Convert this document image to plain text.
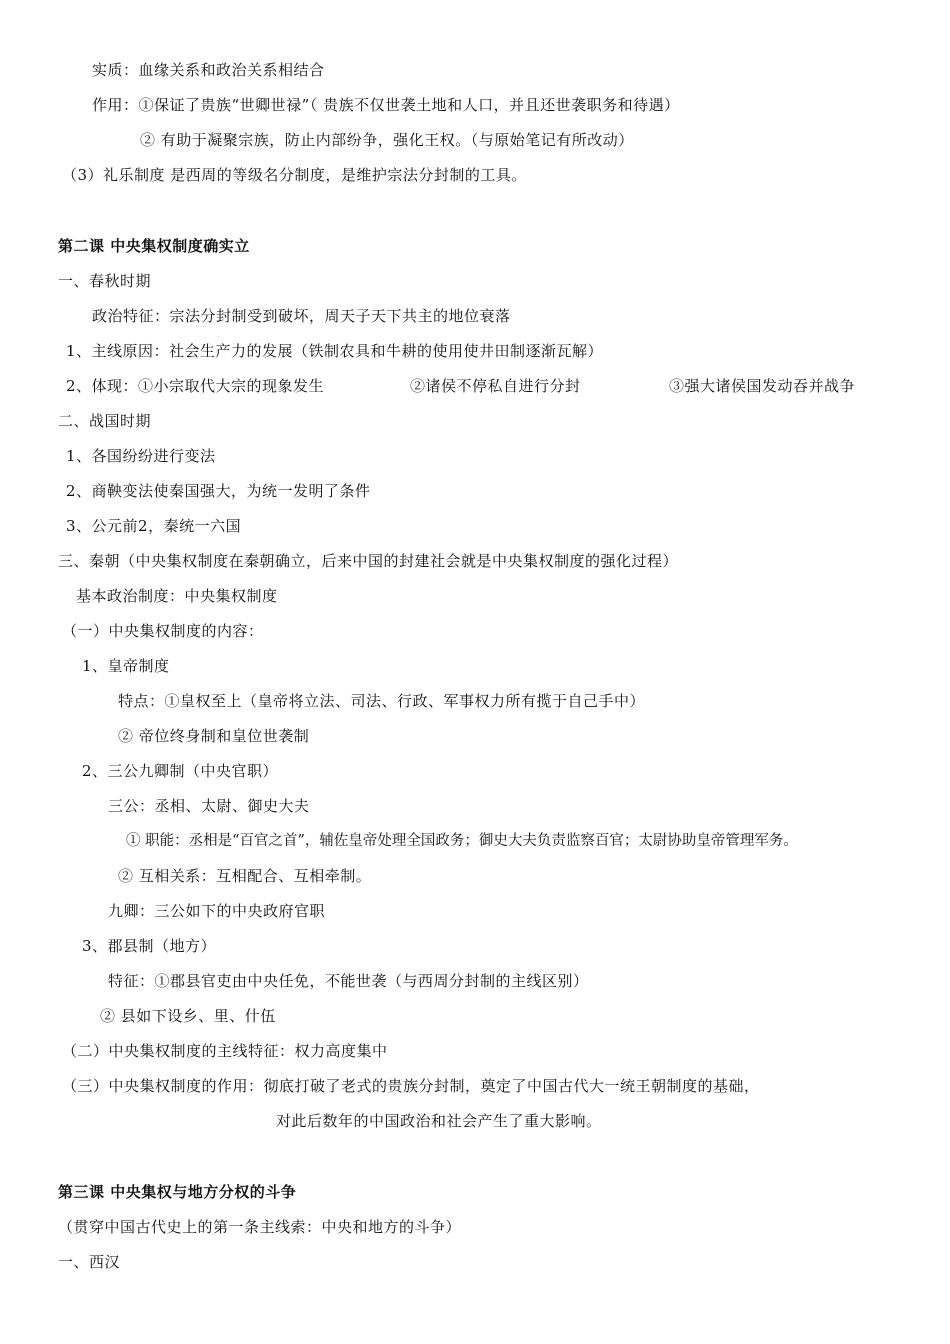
实质：血缘关系和政治关系相结合
作用：①保证了贵族“世卿世禄”（ 贵族不仅世袭土地和人口，并且还世袭职务和待遇）
② 有助于凝聚宗族，防止内部纷争，强化王权。（与原始笔记有所改动）
（3）礼乐制度 是西周的等级名分制度，是维护宗法分封制的工具。
第二课 中央集权制度确实立
一、春秋时期
政治特征：宗法分封制受到破坏，周天子天下共主的地位衰落
1、主线原因：社会生产力的发展（铁制农具和牛耕的使用使井田制逐渐瓦解）
2、体现：①小宗取代大宗的现象发生	②诸侯不停私自进行分封	③强大诸侯国发动吞并战争
二、战国时期
1、各国纷纷进行变法
2、商鞅变法使秦国强大，为统一发明了条件
3、公元前2，秦统一六国
三、秦朝（中央集权制度在秦朝确立，后来中国的封建社会就是中央集权制度的强化过程）
基本政治制度：中央集权制度
（一）中央集权制度的内容：
1、皇帝制度
特点：①皇权至上（皇帝将立法、司法、行政、军事权力所有揽于自己手中）
② 帝位终身制和皇位世袭制
2、三公九卿制（中央官职）
三公：丞相、太尉、御史大夫
① 职能：丞相是“百官之首”，辅佐皇帝处理全国政务；御史大夫负责监察百官；太尉协助皇帝管理军务。
② 互相关系：互相配合、互相牵制。
九卿：三公如下的中央政府官职
3、郡县制（地方）
特征：①郡县官吏由中央任免，不能世袭（与西周分封制的主线区别）
② 县如下设乡、里、什伍
（二）中央集权制度的主线特征：权力高度集中
（三）中央集权制度的作用：彻底打破了老式的贵族分封制，奠定了中国古代大一统王朝制度的基础，
对此后数年的中国政治和社会产生了重大影响。
第三课 中央集权与地方分权的斗争
（贯穿中国古代史上的第一条主线索：中央和地方的斗争）
一、西汉
